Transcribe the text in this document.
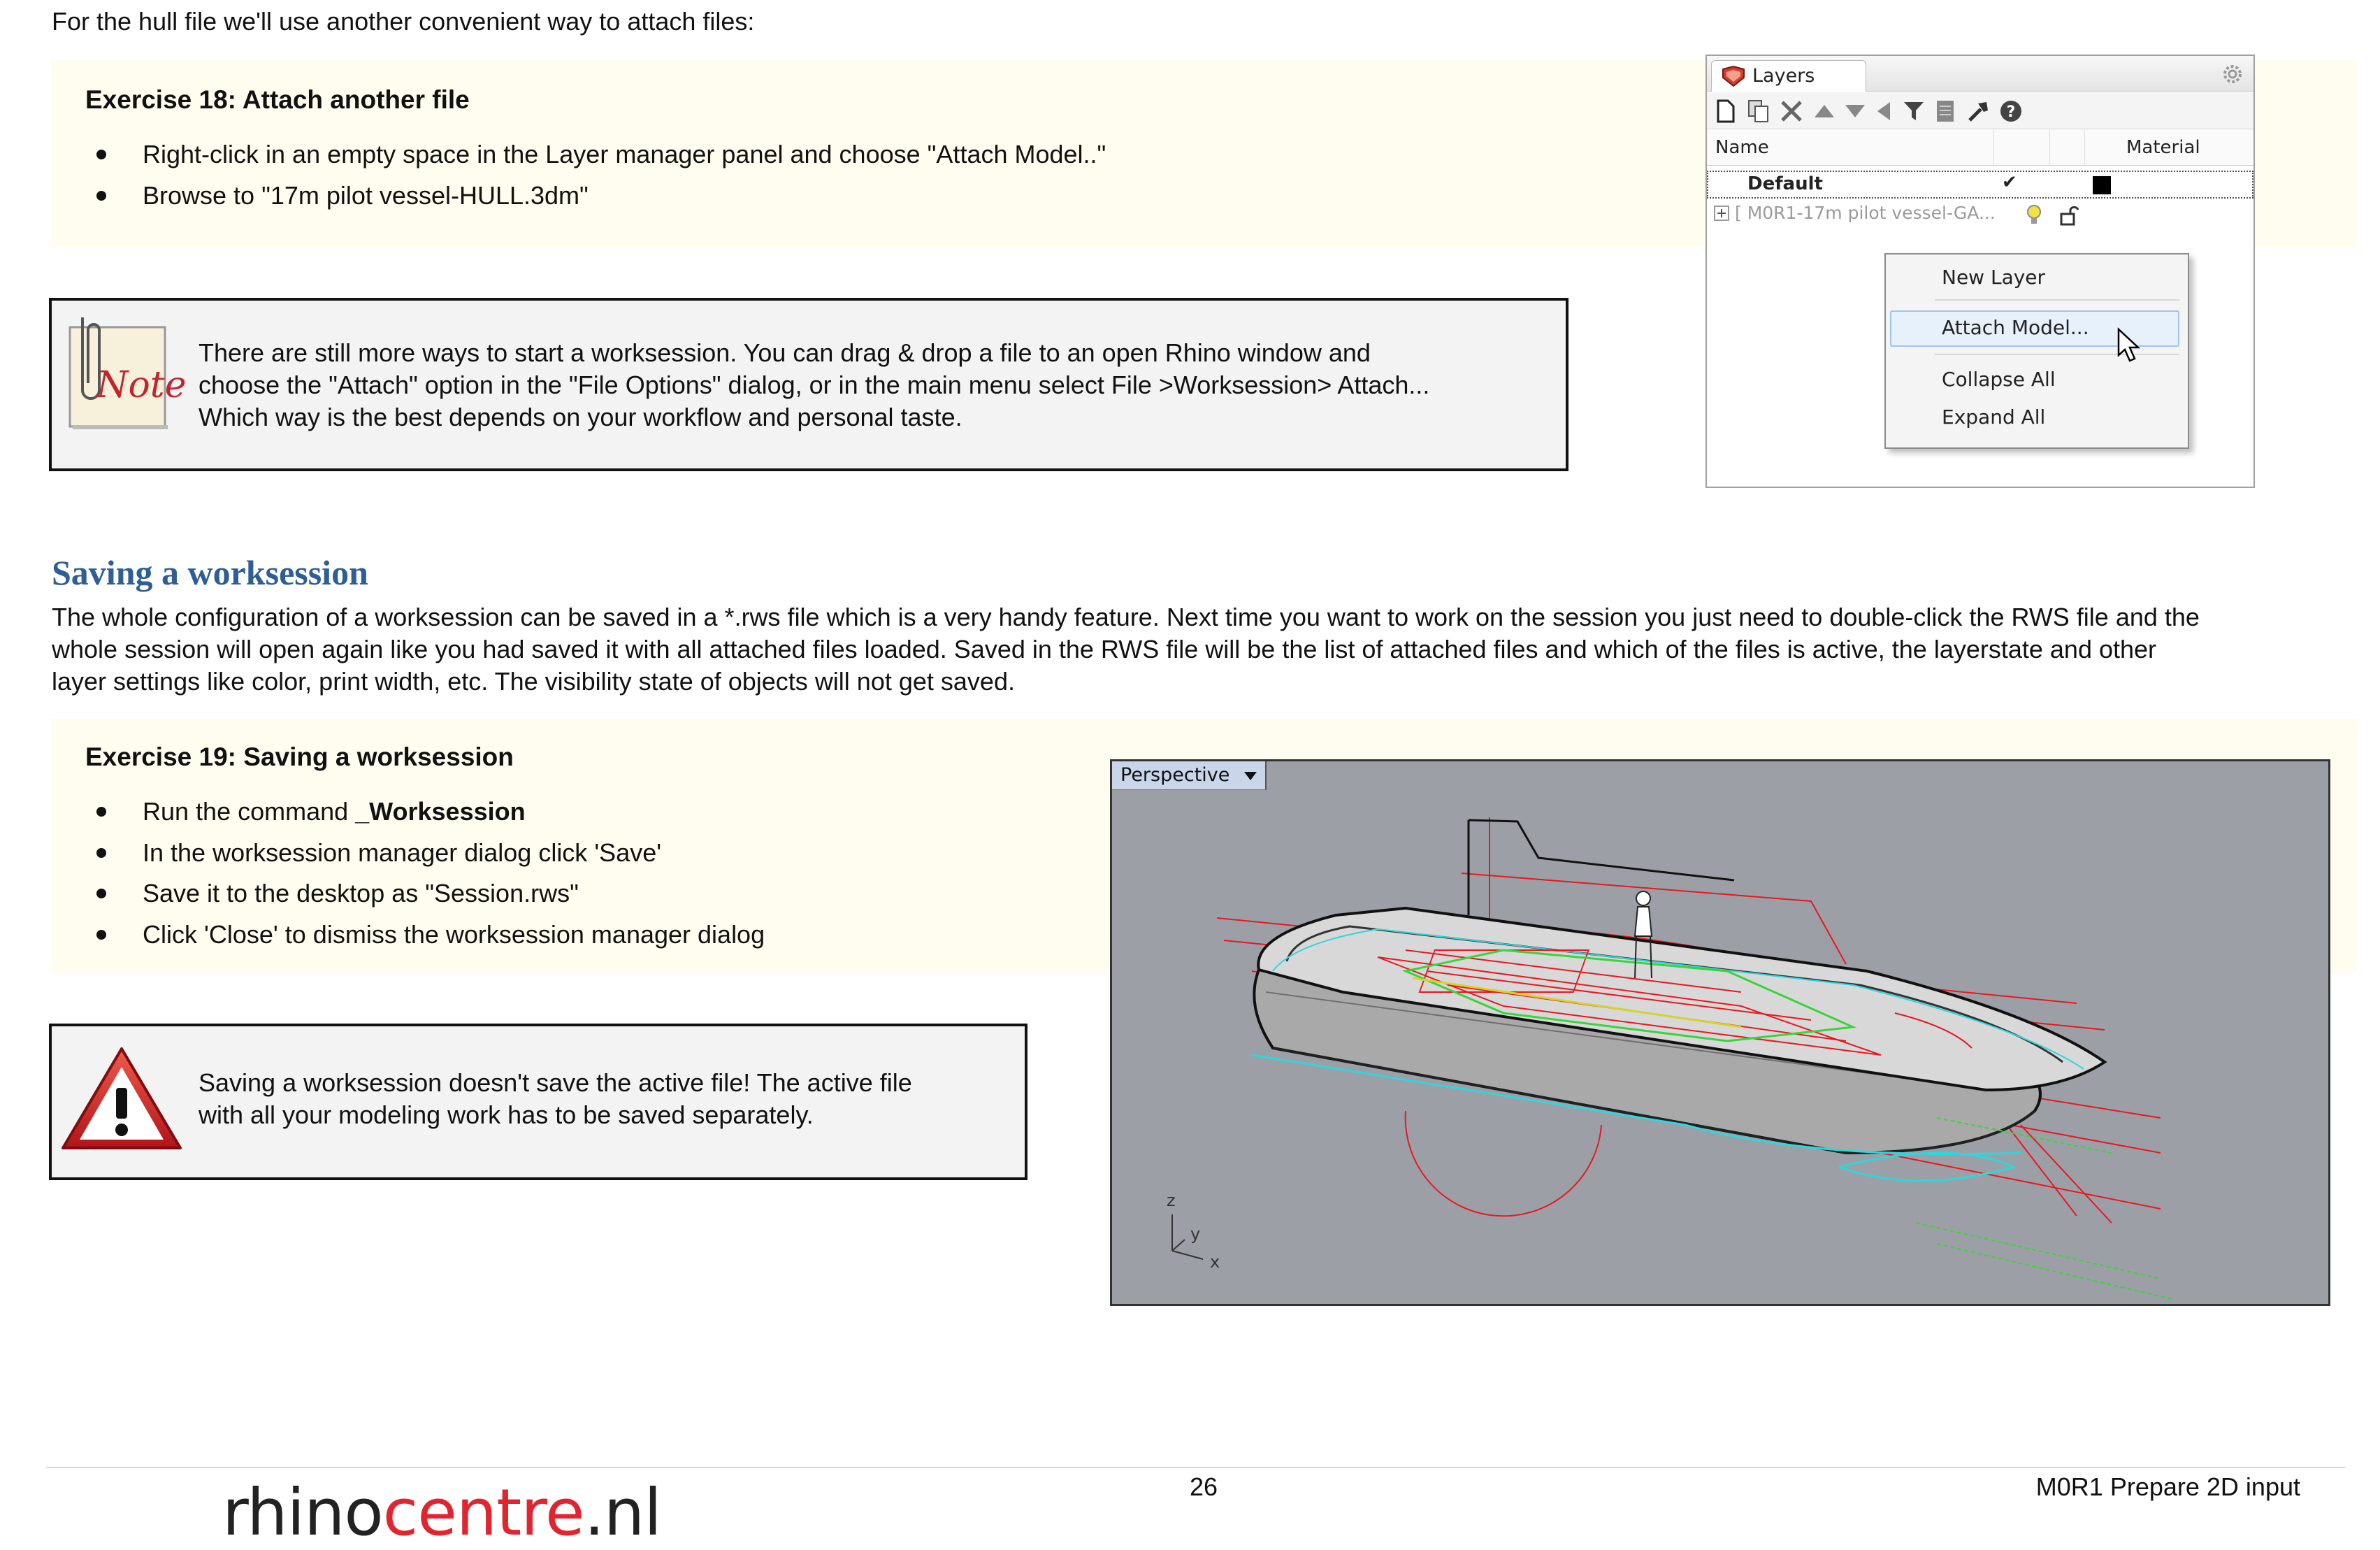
For the hull file we'll use another convenient way to attach files:
Exercise 18: Attach another file
Right-click in an empty space in the Layer manager panel and choose "Attach Model.."
Browse to "17m pilot vessel-HULL.3dm"
Layers
?
Name	Material
Default	✔
[ M0R1-17m pilot vessel-GA...
New Layer
Attach Model...
Collapse All
Expand All
Note
There are still more ways to start a worksession. You can drag & drop a file to an open Rhino window and
choose the "Attach" option in the "File Options" dialog, or in the main menu select File >Worksession> Attach...
Which way is the best depends on your workflow and personal taste.
Saving a worksession
The whole configuration of a worksession can be saved in a *.rws file which is a very handy feature. Next time you want to work on the session you just need to double-click the RWS file and the
whole session will open again like you had saved it with all attached files loaded. Saved in the RWS file will be the list of attached files and which of the files is active, the layerstate and other
layer settings like color, print width, etc. The visibility state of objects will not get saved.
Exercise 19: Saving a worksession
Run the command _Worksession
In the worksession manager dialog click 'Save'
Save it to the desktop as "Session.rws"
Click 'Close' to dismiss the worksession manager dialog
Saving a worksession doesn't save the active file! The active file
with all your modeling work has to be saved separately.
Perspective
z
y
x
rhinocentre.nl	26	M0R1 Prepare 2D input
